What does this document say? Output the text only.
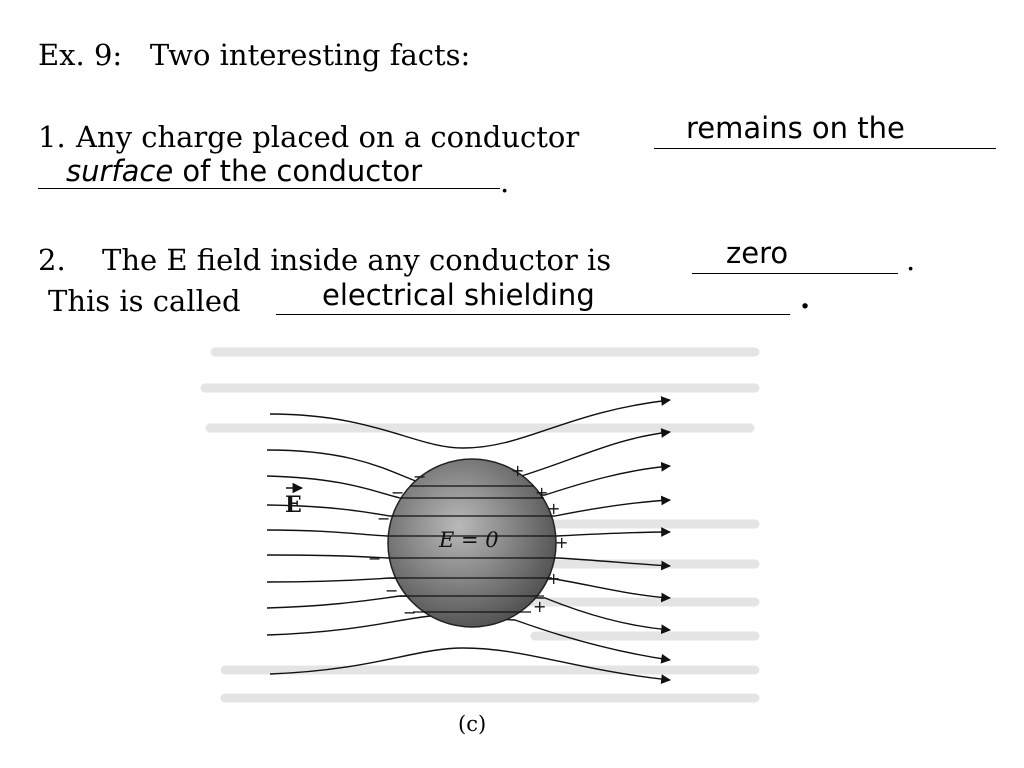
Ex. 9:   Two interesting facts:
1. Any charge placed on a conductor	remains on the
surface of the conductor	.
2. The E field inside any conductor is	zero	.
This is called	electrical shielding	.
E = 0
E
−
−
−
−
−
−
+
+
+
+
+
+
(c)
